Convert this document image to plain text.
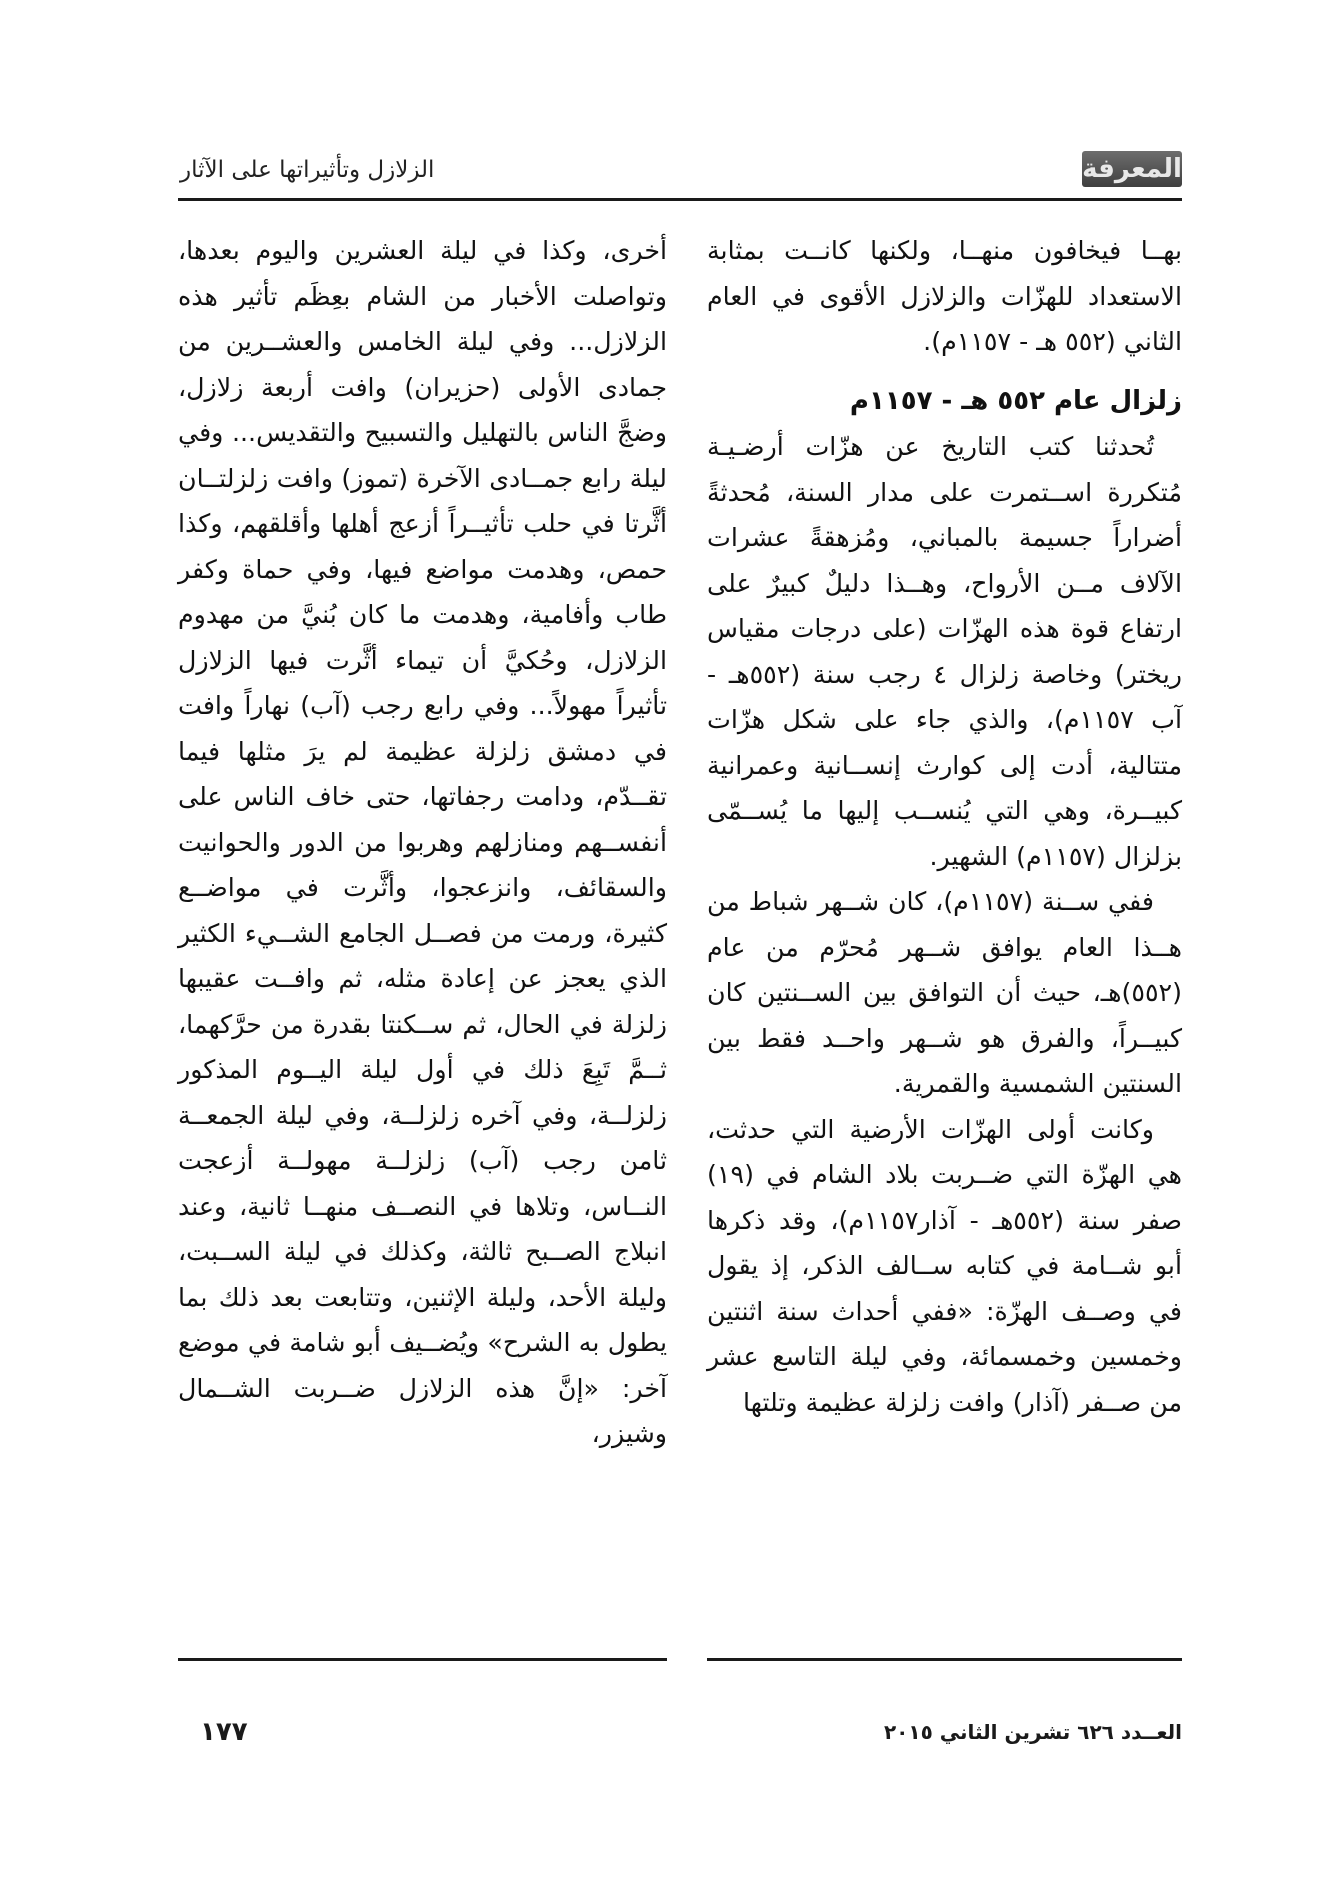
المعرفة
الزلازل وتأثيراتها على الآثار

بهــا فيخافون منهــا، ولكنها كانــت بمثابة الاستعداد للهزّات والزلازل الأقوى في العام الثاني (٥٥٢ هـ - ١١٥٧م).

زلزال عام ٥٥٢ هـ - ١١٥٧م

تُحدثنا كتب التاريخ عن هزّات أرضـيـة مُتكررة اســتمرت على مدار السنة، مُحدثةً أضراراً جسيمة بالمباني، ومُزهقةً عشرات الآلاف مــن الأرواح، وهــذا دليلٌ كبيرٌ على ارتفاع قوة هذه الهزّات (على درجات مقياس ريختر) وخاصة زلزال ٤ رجب سنة (٥٥٢هـ - آب ١١٥٧م)، والذي جاء على شكل هزّات متتالية، أدت إلى كوارث إنســانية وعمرانية كبيــرة، وهي التي يُنســب إليها ما يُســمّى بزلزال (١١٥٧م) الشهير.

ففي ســنة (١١٥٧م)، كان شــهر شباط من هــذا العام يوافق شــهر مُحرّم من عام (٥٥٢)هـ، حيث أن التوافق بين الســنتين كان كبيــراً، والفرق هو شــهر واحــد فقط بين السنتين الشمسية والقمرية.

وكانت أولى الهزّات الأرضية التي حدثت، هي الهزّة التي ضــربت بلاد الشام في (١٩) صفر سنة (٥٥٢هـ - آذار١١٥٧م)، وقد ذكرها أبو شــامة في كتابه ســالف الذكر، إذ يقول في وصــف الهزّة: «ففي أحداث سنة اثنتين وخمسين وخمسمائة، وفي ليلة التاسع عشر من صــفر (آذار) وافت زلزلة عظيمة وتلتها

أخرى، وكذا في ليلة العشرين واليوم بعدها، وتواصلت الأخبار من الشام بعِظَم تأثير هذه الزلازل... وفي ليلة الخامس والعشــرين من جمادى الأولى (حزيران) وافت أربعة زلازل، وضجَّ الناس بالتهليل والتسبيح والتقديس... وفي ليلة رابع جمــادى الآخرة (تموز) وافت زلزلتــان أثَّرتا في حلب تأثيــراً أزعج أهلها وأقلقهم، وكذا حمص، وهدمت مواضع فيها، وفي حماة وكفر طاب وأفامية، وهدمت ما كان بُنيَّ من مهدوم الزلازل، وحُكيَّ أن تيماء أثَّرت فيها الزلازل تأثيراً مهولاً... وفي رابع رجب (آب) نهاراً وافت في دمشق زلزلة عظيمة لم يرَ مثلها فيما تقــدّم، ودامت رجفاتها، حتى خاف الناس على أنفســهم ومنازلهم وهربوا من الدور والحوانيت والسقائف، وانزعجوا، وأثَّرت في مواضــع كثيرة، ورمت من فصــل الجامع الشــيء الكثير الذي يعجز عن إعادة مثله، ثم وافــت عقيبها زلزلة في الحال، ثم ســكنتا بقدرة من حرَّكهما، ثــمَّ تَبِعَ ذلك في أول ليلة اليــوم المذكور زلزلــة، وفي آخره زلزلــة، وفي ليلة الجمعــة ثامن رجب (آب) زلزلــة مهولــة أزعجت النــاس، وتلاها في النصــف منهــا ثانية، وعند انبلاج الصــبح ثالثة، وكذلك في ليلة الســبت، وليلة الأحد، وليلة الإثنين، وتتابعت بعد ذلك بما يطول به الشرح» ويُضــيف أبو شامة في موضع آخر: «إنَّ هذه الزلازل ضــربت الشــمال وشيزر،

١٧٧	العــدد ٦٢٦ تشرين الثاني ٢٠١٥
